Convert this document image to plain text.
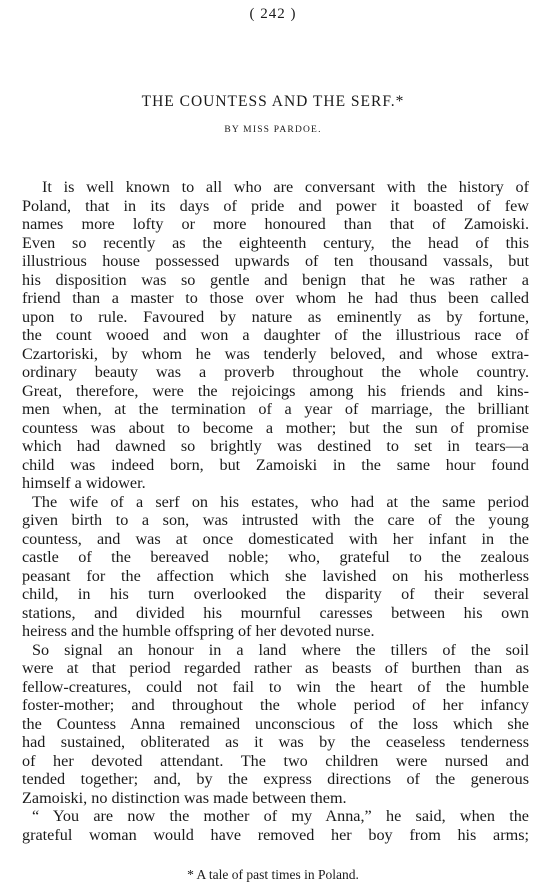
( 242 )
THE COUNTESS AND THE SERF.*
BY MISS PARDOE.
It is well known to all who are conversant with the history of
Poland, that in its days of pride and power it boasted of few
names more lofty or more honoured than that of Zamoiski.
Even so recently as the eighteenth century, the head of this
illustrious house possessed upwards of ten thousand vassals, but
his disposition was so gentle and benign that he was rather a
friend than a master to those over whom he had thus been called
upon to rule. Favoured by nature as eminently as by fortune,
the count wooed and won a daughter of the illustrious race of
Czartoriski, by whom he was tenderly beloved, and whose extra-
ordinary beauty was a proverb throughout the whole country.
Great, therefore, were the rejoicings among his friends and kins-
men when, at the termination of a year of marriage, the brilliant
countess was about to become a mother; but the sun of promise
which had dawned so brightly was destined to set in tears—a
child was indeed born, but Zamoiski in the same hour found
himself a widower.
The wife of a serf on his estates, who had at the same period
given birth to a son, was intrusted with the care of the young
countess, and was at once domesticated with her infant in the
castle of the bereaved noble; who, grateful to the zealous
peasant for the affection which she lavished on his motherless
child, in his turn overlooked the disparity of their several
stations, and divided his mournful caresses between his own
heiress and the humble offspring of her devoted nurse.
So signal an honour in a land where the tillers of the soil
were at that period regarded rather as beasts of burthen than as
fellow-creatures, could not fail to win the heart of the humble
foster-mother; and throughout the whole period of her infancy
the Countess Anna remained unconscious of the loss which she
had sustained, obliterated as it was by the ceaseless tenderness
of her devoted attendant. The two children were nursed and
tended together; and, by the express directions of the generous
Zamoiski, no distinction was made between them.
“ You are now the mother of my Anna,” he said, when the
grateful woman would have removed her boy from his arms;
* A tale of past times in Poland.
